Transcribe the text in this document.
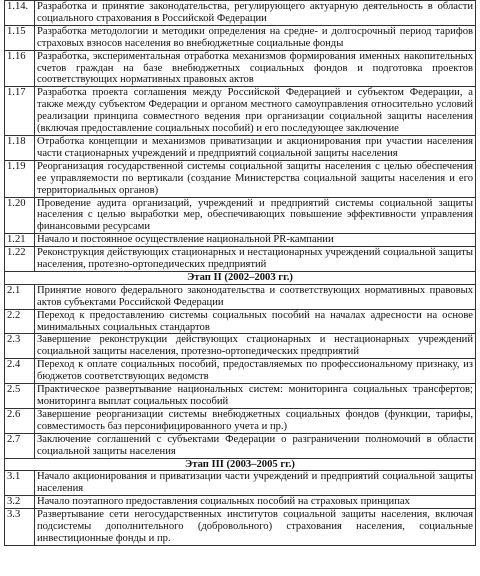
1.14.	Разработка и принятие законодательства, регулирующего актуарную деятельность в области социального страхования в Российской Федерации
1.15	Разработка методологии и методики определения на средне- и долгосрочный период тарифов страховых взносов населения во внебюджетные социальные фонды
1.16	Разработка, экспериментальная отработка механизмов формирования именных накопительных счетов граждан на базе внебюджетных социальных фондов и подготовка проектов соответствующих нормативных правовых актов
1.17	Разработка проекта соглашения между Российской Федерацией и субъектом Федерации, а также между субъектом Федерации и органом местного самоуправления относительно условий реализации принципа совместного ведения при организации социальной защиты населения (включая предоставление социальных пособий) и его последующее заключение
1.18	Отработка концепции и механизмов приватизации и акционирования при участии населения части стационарных учреждений и предприятий социальной защиты населения
1.19	Реорганизация государственной системы социальной защиты населения с целью обеспечения ее управляемости по вертикали (создание Министерства социальной защиты населения и его территориальных органов)
1.20	Проведение аудита организаций, учреждений и предприятий системы социальной защиты населения с целью выработки мер, обеспечивающих повышение эффективности управления финансовыми ресурсами
1.21	Начало и постоянное осуществление национальной PR-кампании
1.22	Реконструкция действующих стационарных и нестационарных учреждений социальной защиты населения, протезно-ортопедических предприятий
Этап II (2002–2003 гг.)	
2.1	Принятие нового федерального законодательства и соответствующих нормативных правовых актов субъектами Российской Федерации
2.2	Переход к предоставлению системы социальных пособий на началах адресности на основе минимальных социальных стандартов
2.3	Завершение реконструкции действующих стационарных и нестационарных учреждений социальной защиты населения, протезно-ортопедических предприятий
2.4	Переход к оплате социальных пособий, предоставляемых по профессиональному признаку, из бюджетов соответствующих ведомств
2.5	Практическое развертывание национальных систем: мониторинга социальных трансфертов; мониторинга выплат социальных пособий
2.6	Завершение реорганизации системы внебюджетных социальных фондов (функции, тарифы, совместимость баз персонифицированного учета и пр.)
2.7	Заключение соглашений с субъектами Федерации о разграничении полномочий в области социальной защиты населения
Этап III (2003–2005 гг.)	
3.1	Начало акционирования и приватизации части учреждений и предприятий социальной защиты населения
3.2	Начало поэтапного предоставления социальных пособий на страховых принципах
3.3	Развертывание сети негосударственных институтов социальной защиты населения, включая подсистемы дополнительного (добровольного) страхования населения, социальные инвестиционные фонды и пр.
